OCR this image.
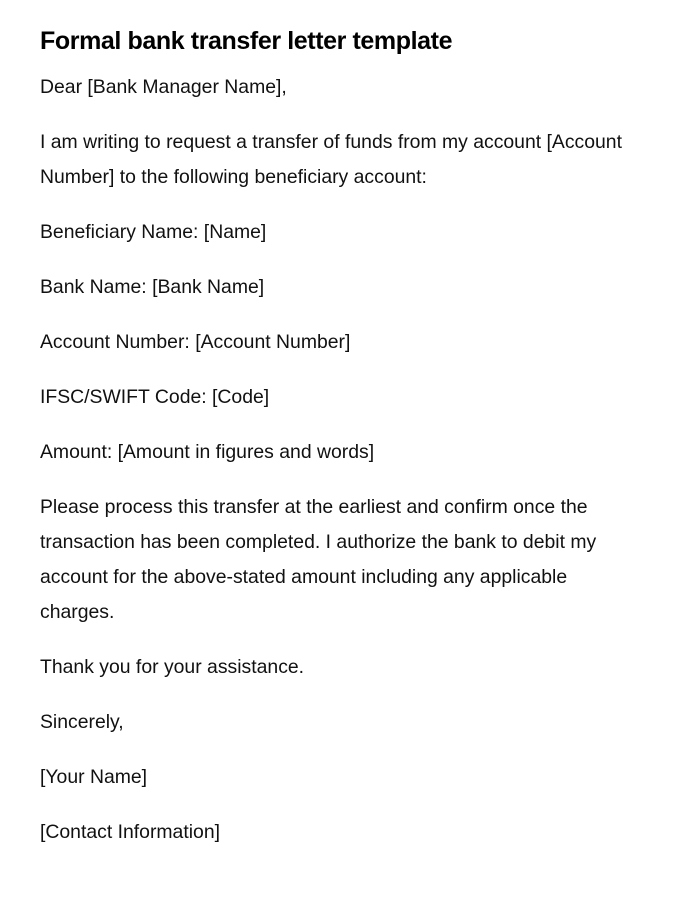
Formal bank transfer letter template

Dear [Bank Manager Name],

I am writing to request a transfer of funds from my account [Account Number] to the following beneficiary account:

Beneficiary Name: [Name]

Bank Name: [Bank Name]

Account Number: [Account Number]

IFSC/SWIFT Code: [Code]

Amount: [Amount in figures and words]

Please process this transfer at the earliest and confirm once the transaction has been completed. I authorize the bank to debit my account for the above-stated amount including any applicable charges.

Thank you for your assistance.

Sincerely,

[Your Name]

[Contact Information]
